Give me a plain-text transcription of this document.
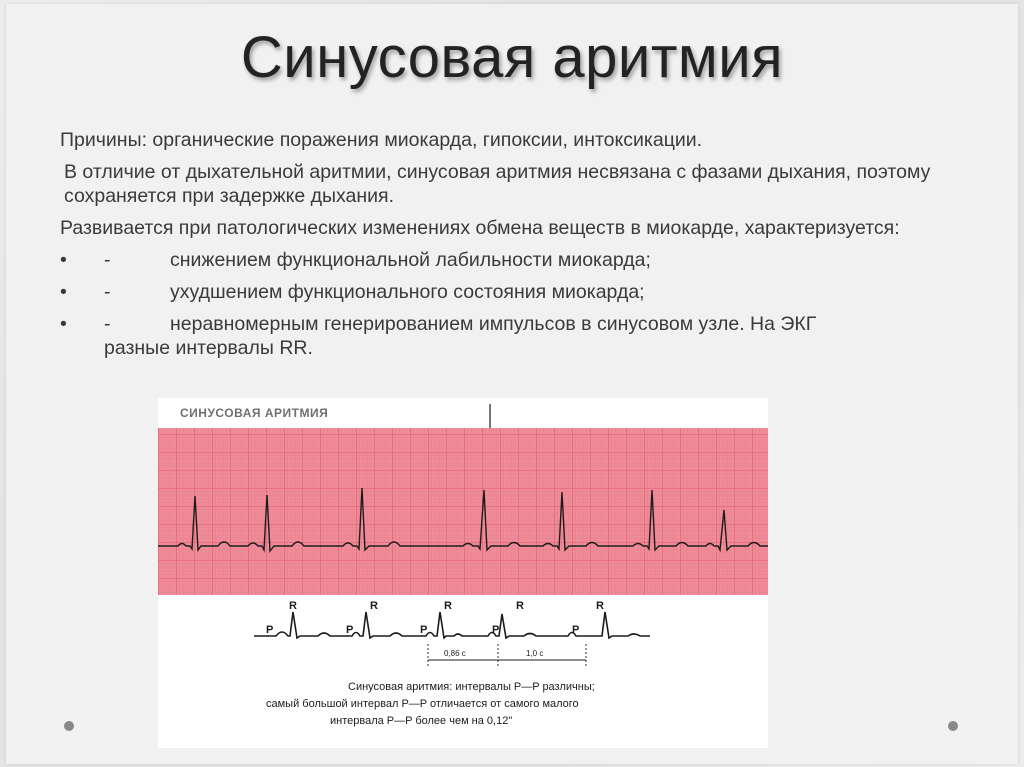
Синусовая аритмия

Причины: органические поражения миокарда, гипоксии, интоксикации.

В отличие от дыхательной аритмии, синусовая аритмия несвязана с фазами дыхания, поэтому сохраняется при задержке дыхания.

Развивается при патологических изменениях обмена веществ в миокарде, характеризуется:

• -	снижением функциональной лабильности миокарда;
• -	ухудшением функционального состояния миокарда;
• -	неравномерным генерированием импульсов в синусовом узле. На ЭКГ
разные интервалы RR.
СИНУСОВАЯ АРИТМИЯ
P
R
P
R
P
R
P
R
P
R
0,86 с	1,0 с
Синусовая аритмия: интервалы P—P различны;
самый большой интервал P—P отличается от самого малого
интервала P—P более чем на 0,12"
